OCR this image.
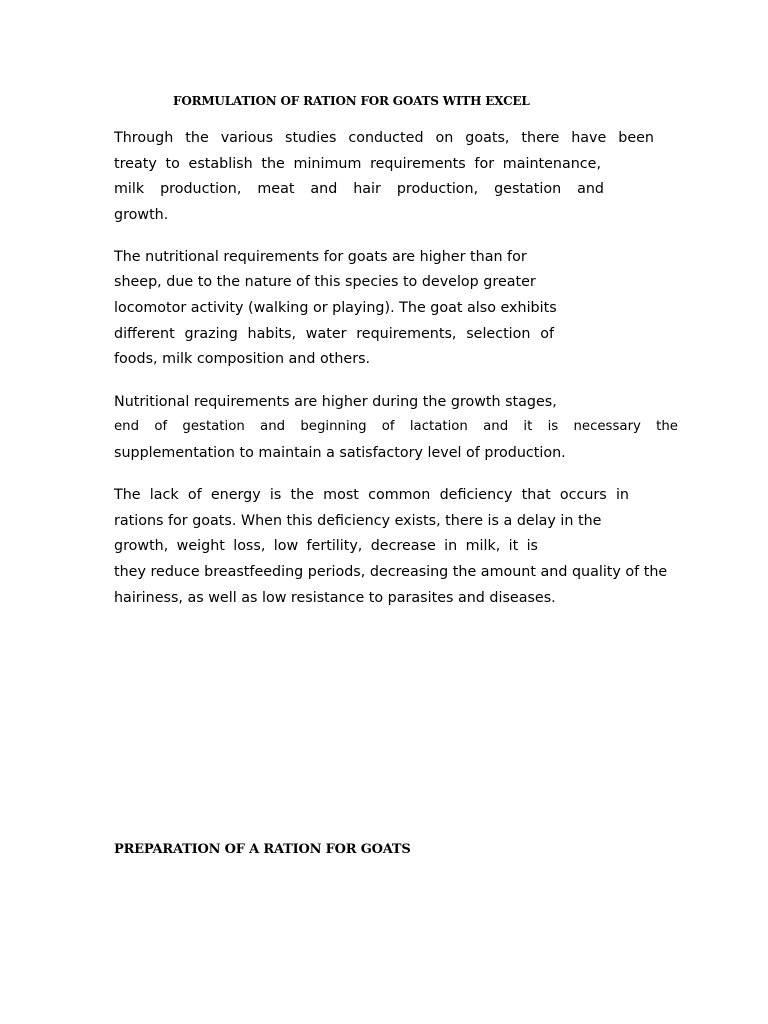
FORMULATION OF RATION FOR GOATS WITH EXCEL
Through the various studies conducted on goats, there have been
treaty to establish the minimum requirements for maintenance,
milk production, meat and hair production, gestation and
growth.
The nutritional requirements for goats are higher than for
sheep, due to the nature of this species to develop greater
locomotor activity (walking or playing). The goat also exhibits
different grazing habits, water requirements, selection of
foods, milk composition and others.
Nutritional requirements are higher during the growth stages,
end of gestation and beginning of lactation and it is necessary the
supplementation to maintain a satisfactory level of production.
The lack of energy is the most common deficiency that occurs in
rations for goats. When this deficiency exists, there is a delay in the
growth, weight loss, low fertility, decrease in milk, it is
they reduce breastfeeding periods, decreasing the amount and quality of the
hairiness, as well as low resistance to parasites and diseases.
PREPARATION OF A RATION FOR GOATS
